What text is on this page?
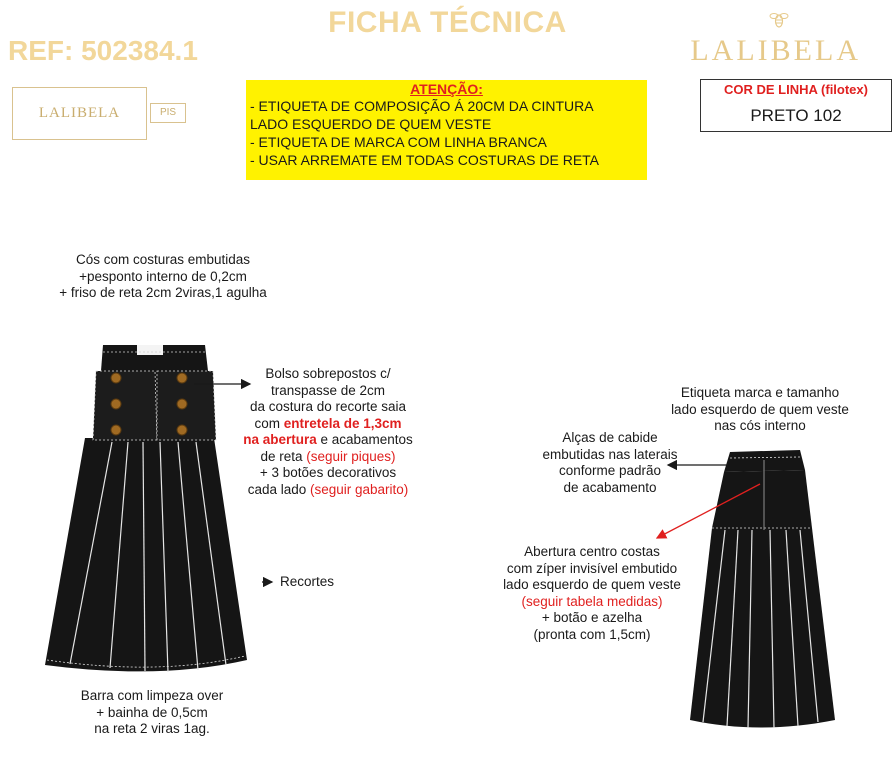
FICHA TÉCNICA
REF: 502384.1	LALIBELA
LALIBELA	PIS
ATENÇÃO:
- ETIQUETA DE COMPOSIÇÃO Á 20CM DA CINTURA
LADO ESQUERDO DE QUEM VESTE
- ETIQUETA DE MARCA COM LINHA BRANCA
- USAR ARREMATE EM TODAS COSTURAS DE RETA
COR DE LINHA (filotex)
PRETO 102
Cós com costuras embutidas
+pesponto interno de 0,2cm
+ friso de reta 2cm 2viras,1 agulha
Bolso sobrepostos c/
transpasse de 2cm
da costura do recorte saia
com entretela de 1,3cm
na abertura e acabamentos
de reta (seguir piques)
+ 3 botões decorativos
cada lado (seguir gabarito)
Recortes
Barra com limpeza over
+ bainha de 0,5cm
na reta 2 viras 1ag.
Etiqueta marca e tamanho
lado esquerdo de quem veste
nas cós interno
Alças de cabide
embutidas nas laterais
conforme padrão
de acabamento
Abertura centro costas
com zíper invisível embutido
lado esquerdo de quem veste
(seguir tabela medidas)
+ botão e azelha
(pronta com 1,5cm)
